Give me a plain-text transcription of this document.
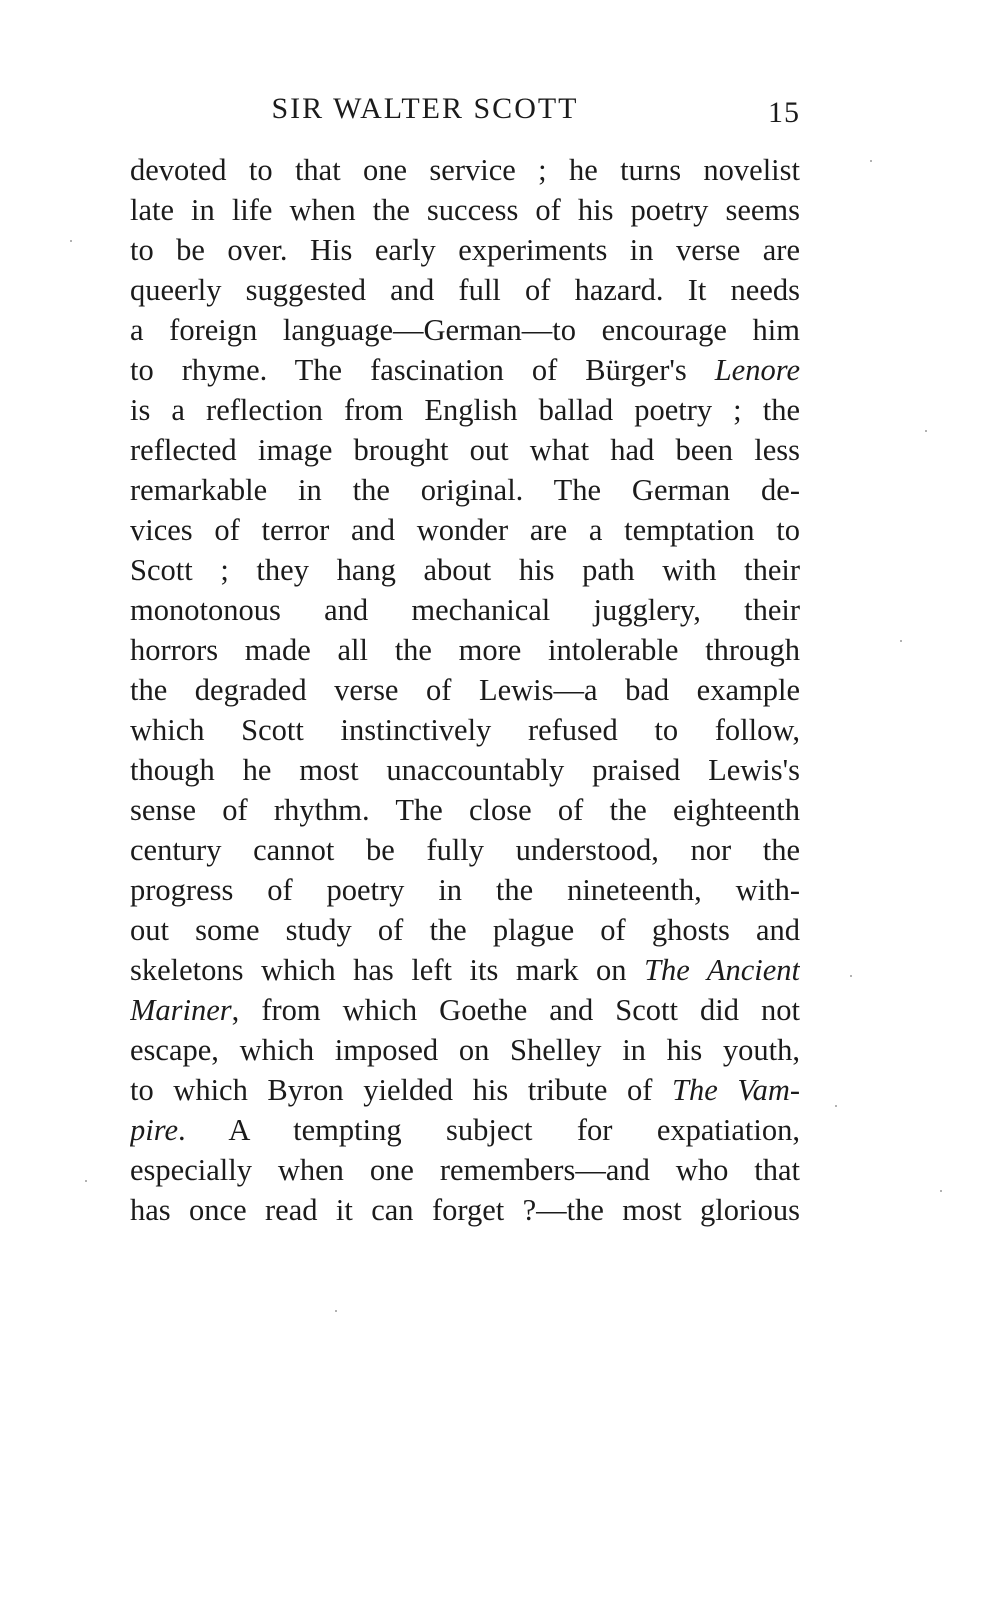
SIR WALTER SCOTT	15
devoted to that one service ; he turns novelist
late in life when the success of his poetry seems
to be over. His early experiments in verse are
queerly suggested and full of hazard. It needs
a foreign language—German—to encourage him
to rhyme. The fascination of Bürger's Lenore
is a reflection from English ballad poetry ; the
reflected image brought out what had been less
remarkable in the original. The German de-
vices of terror and wonder are a temptation to
Scott ; they hang about his path with their
monotonous and mechanical jugglery, their
horrors made all the more intolerable through
the degraded verse of Lewis—a bad example
which Scott instinctively refused to follow,
though he most unaccountably praised Lewis's
sense of rhythm. The close of the eighteenth
century cannot be fully understood, nor the
progress of poetry in the nineteenth, with-
out some study of the plague of ghosts and
skeletons which has left its mark on The Ancient
Mariner, from which Goethe and Scott did not
escape, which imposed on Shelley in his youth,
to which Byron yielded his tribute of The Vam-
pire. A tempting subject for expatiation,
especially when one remembers—and who that
has once read it can forget ?—the most glorious
